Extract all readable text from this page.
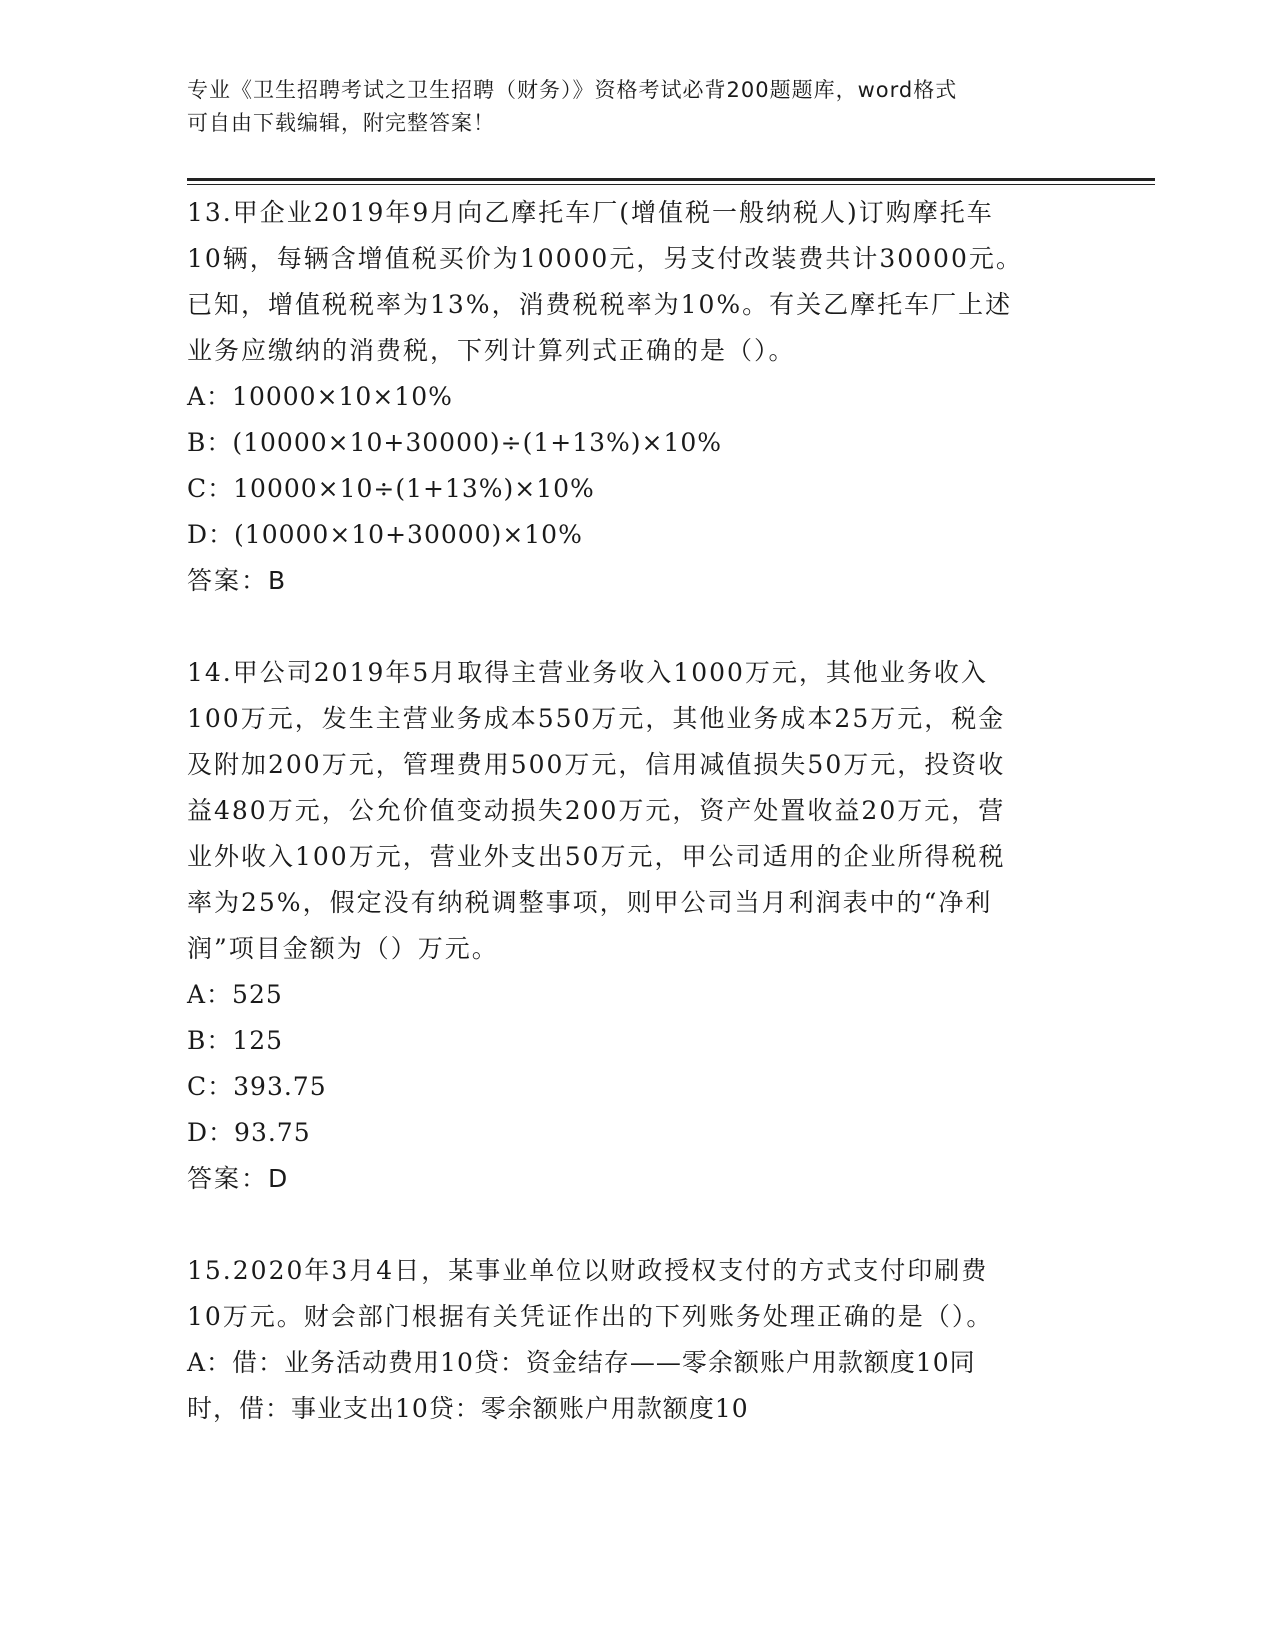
专业《卫生招聘考试之卫生招聘（财务）》资格考试必背200题题库，word格式
可自由下载编辑，附完整答案！
13.甲企业2019年9月向乙摩托车厂(增值税一般纳税人)订购摩托车
10辆，每辆含增值税买价为10000元，另支付改装费共计30000元。
已知，增值税税率为13%，消费税税率为10%。有关乙摩托车厂上述
业务应缴纳的消费税，下列计算列式正确的是（）。
A：10000×10×10%
B：(10000×10+30000)÷(1+13%)×10%
C：10000×10÷(1+13%)×10%
D：(10000×10+30000)×10%
答案：B
14.甲公司2019年5月取得主营业务收入1000万元，其他业务收入
100万元，发生主营业务成本550万元，其他业务成本25万元，税金
及附加200万元，管理费用500万元，信用减值损失50万元，投资收
益480万元，公允价值变动损失200万元，资产处置收益20万元，营
业外收入100万元，营业外支出50万元，甲公司适用的企业所得税税
率为25%，假定没有纳税调整事项，则甲公司当月利润表中的“净利
润”项目金额为（）万元。
A：525
B：125
C：393.75
D：93.75
答案：D
15.2020年3月4日，某事业单位以财政授权支付的方式支付印刷费
10万元。财会部门根据有关凭证作出的下列账务处理正确的是（）。
A：借：业务活动费用10贷：资金结存——零余额账户用款额度10同
时，借：事业支出10贷：零余额账户用款额度10
